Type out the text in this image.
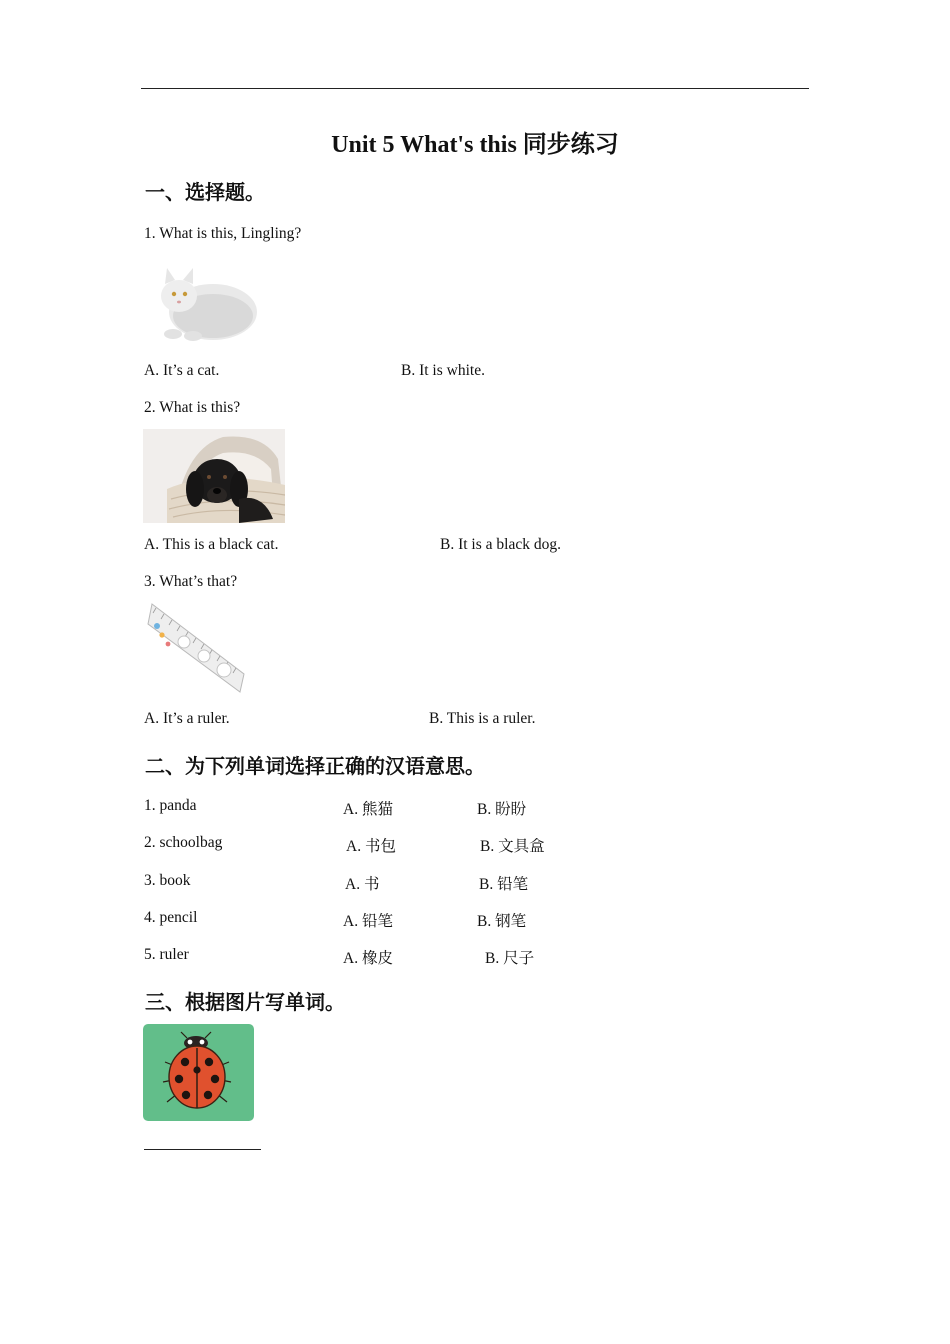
Unit 5 What's this 同步练习
一、选择题。
1. What is this, Lingling?
A. It’s a cat.	B. It is white.
2. What is this?
A. This is a black cat.	B. It is a black dog.
3. What’s that?
A. It’s a ruler.	B. This is a ruler.
二、为下列单词选择正确的汉语意思。
1. panda	A. 熊猫	B. 盼盼
2. schoolbag	A. 书包	B. 文具盒
3. book	A. 书	B. 铅笔
4. pencil	A. 铅笔	B. 钢笔
5. ruler	A. 橡皮	B. 尺子
三、根据图片写单词。
